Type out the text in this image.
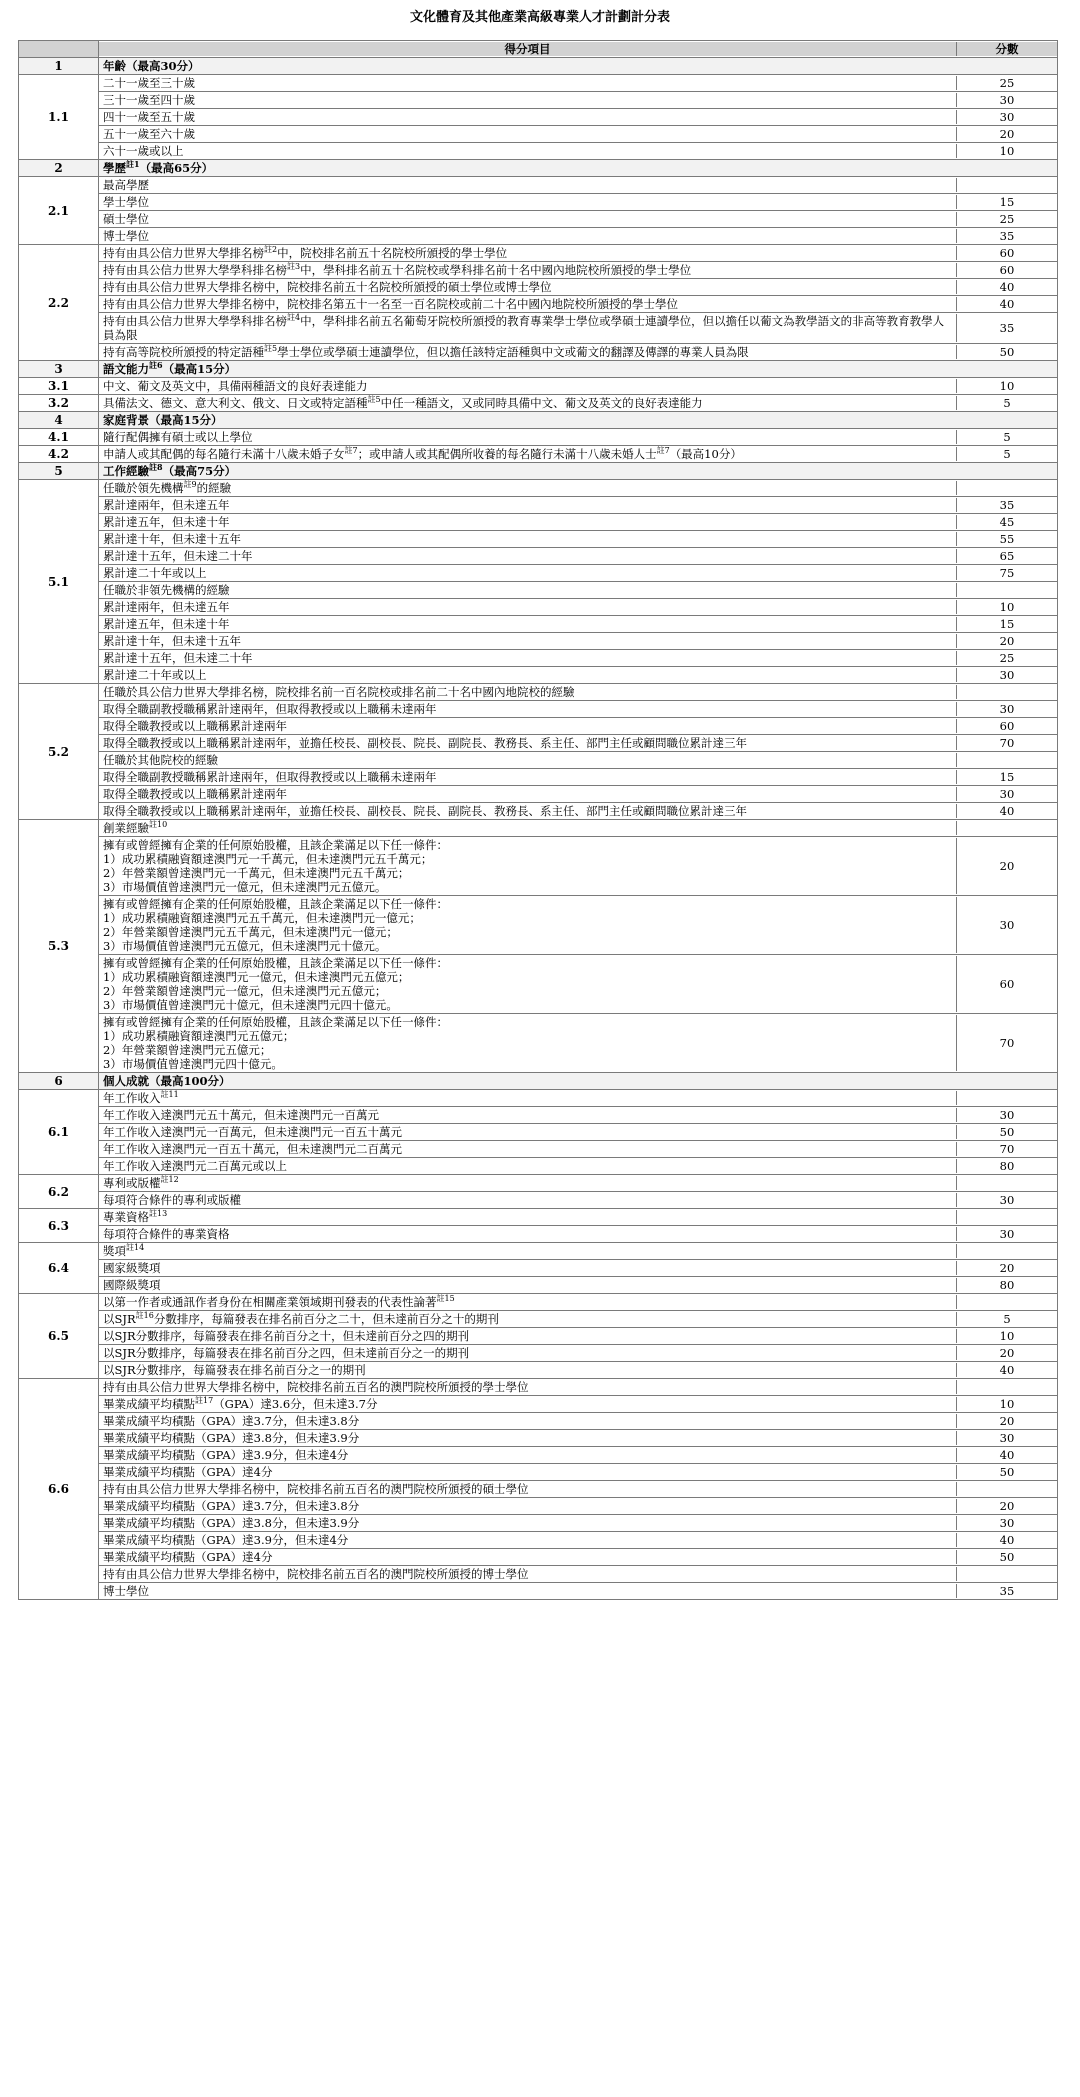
文化體育及其他產業高級專業人才計劃計分表
得分項目	分數
1	年齡（最高30分）
1.1
二十一歲至三十歲	25
三十一歲至四十歲	30
四十一歲至五十歲	30
五十一歲至六十歲	20
六十一歲或以上	10
2	學歷$^{註1}$（最高65分）
2.1
最高學歷
學士學位	15
碩士學位	25
博士學位	35
2.2
持有由具公信力世界大學排名榜$^{註2}$中，院校排名前五十名院校所頒授的學士學位	60
持有由具公信力世界大學學科排名榜$^{註3}$中，學科排名前五十名院校或學科排名前十名中國內地院校所頒授的學士學位	60
持有由具公信力世界大學排名榜中，院校排名前五十名院校所頒授的碩士學位或博士學位	40
持有由具公信力世界大學排名榜中，院校排名第五十一名至一百名院校或前二十名中國內地院校所頒授的學士學位	40
持有由具公信力世界大學學科排名榜$^{註4}$中，學科排名前五名葡萄牙院校所頒授的教育專業學士學位或學碩士連讀學位，但以擔任以葡文為教學語文的非高等教育教學人員為限	35
持有高等院校所頒授的特定語種$^{註5}$學士學位或學碩士連讀學位，但以擔任該特定語種與中文或葡文的翻譯及傳譯的專業人員為限	50
3	語文能力$^{註6}$（最高15分）
3.1	中文、葡文及英文中，具備兩種語文的良好表達能力	10
3.2	具備法文、德文、意大利文、俄文、日文或特定語種$^{註5}$中任一種語文，又或同時具備中文、葡文及英文的良好表達能力	5
4	家庭背景（最高15分）
4.1	隨行配偶擁有碩士或以上學位	5
4.2	申請人或其配偶的每名隨行未滿十八歲未婚子女$^{註7}$；或申請人或其配偶所收養的每名隨行未滿十八歲未婚人士$^{註7}$（最高10分）	5
5	工作經驗$^{註8}$（最高75分）
5.1
任職於領先機構$^{註9}$的經驗
累計達兩年，但未達五年	35
累計達五年，但未達十年	45
累計達十年，但未達十五年	55
累計達十五年，但未達二十年	65
累計達二十年或以上	75
任職於非領先機構的經驗
累計達兩年，但未達五年	10
累計達五年，但未達十年	15
累計達十年，但未達十五年	20
累計達十五年，但未達二十年	25
累計達二十年或以上	30
5.2
任職於具公信力世界大學排名榜，院校排名前一百名院校或排名前二十名中國內地院校的經驗
取得全職副教授職稱累計達兩年，但取得教授或以上職稱未達兩年	30
取得全職教授或以上職稱累計達兩年	60
取得全職教授或以上職稱累計達兩年，並擔任校長、副校長、院長、副院長、教務長、系主任、部門主任或顧問職位累計達三年	70
任職於其他院校的經驗
取得全職副教授職稱累計達兩年，但取得教授或以上職稱未達兩年	15
取得全職教授或以上職稱累計達兩年	30
取得全職教授或以上職稱累計達兩年，並擔任校長、副校長、院長、副院長、教務長、系主任、部門主任或顧問職位累計達三年	40
5.3
創業經驗$^{註10}$
擁有或曾經擁有企業的任何原始股權，且該企業滿足以下任一條件：
1）成功累積融資額達澳門元一千萬元，但未達澳門元五千萬元；
2）年營業額曾達澳門元一千萬元，但未達澳門元五千萬元；
3）市場價值曾達澳門元一億元，但未達澳門元五億元。
20
擁有或曾經擁有企業的任何原始股權，且該企業滿足以下任一條件：
1）成功累積融資額達澳門元五千萬元，但未達澳門元一億元；
2）年營業額曾達澳門元五千萬元，但未達澳門元一億元；
3）市場價值曾達澳門元五億元，但未達澳門元十億元。
30
擁有或曾經擁有企業的任何原始股權，且該企業滿足以下任一條件：
1）成功累積融資額達澳門元一億元，但未達澳門元五億元；
2）年營業額曾達澳門元一億元，但未達澳門元五億元；
3）市場價值曾達澳門元十億元，但未達澳門元四十億元。
60
擁有或曾經擁有企業的任何原始股權，且該企業滿足以下任一條件：
1）成功累積融資額達澳門元五億元；
2）年營業額曾達澳門元五億元；
3）市場價值曾達澳門元四十億元。
70
6	個人成就（最高100分）
6.1
年工作收入$^{註11}$
年工作收入達澳門元五十萬元，但未達澳門元一百萬元	30
年工作收入達澳門元一百萬元，但未達澳門元一百五十萬元	50
年工作收入達澳門元一百五十萬元，但未達澳門元二百萬元	70
年工作收入達澳門元二百萬元或以上	80
6.2
專利或版權$^{註12}$
每項符合條件的專利或版權	30
6.3
專業資格$^{註13}$
每項符合條件的專業資格	30
6.4
獎項$^{註14}$
國家級獎項	20
國際級獎項	80
6.5
以第一作者或通訊作者身份在相關產業領域期刊發表的代表性論著$^{註15}$
以SJR$^{註16}$分數排序，每篇發表在排名前百分之二十，但未達前百分之十的期刊	5
以SJR分數排序，每篇發表在排名前百分之十，但未達前百分之四的期刊	10
以SJR分數排序，每篇發表在排名前百分之四，但未達前百分之一的期刊	20
以SJR分數排序，每篇發表在排名前百分之一的期刊	40
6.6
持有由具公信力世界大學排名榜中，院校排名前五百名的澳門院校所頒授的學士學位
畢業成績平均積點$^{註17}$（GPA）達3.6分，但未達3.7分	10
畢業成績平均積點（GPA）達3.7分，但未達3.8分	20
畢業成績平均積點（GPA）達3.8分，但未達3.9分	30
畢業成績平均積點（GPA）達3.9分，但未達4分	40
畢業成績平均積點（GPA）達4分	50
持有由具公信力世界大學排名榜中，院校排名前五百名的澳門院校所頒授的碩士學位
畢業成績平均積點（GPA）達3.7分，但未達3.8分	20
畢業成績平均積點（GPA）達3.8分，但未達3.9分	30
畢業成績平均積點（GPA）達3.9分，但未達4分	40
畢業成績平均積點（GPA）達4分	50
持有由具公信力世界大學排名榜中，院校排名前五百名的澳門院校所頒授的博士學位
博士學位	35
